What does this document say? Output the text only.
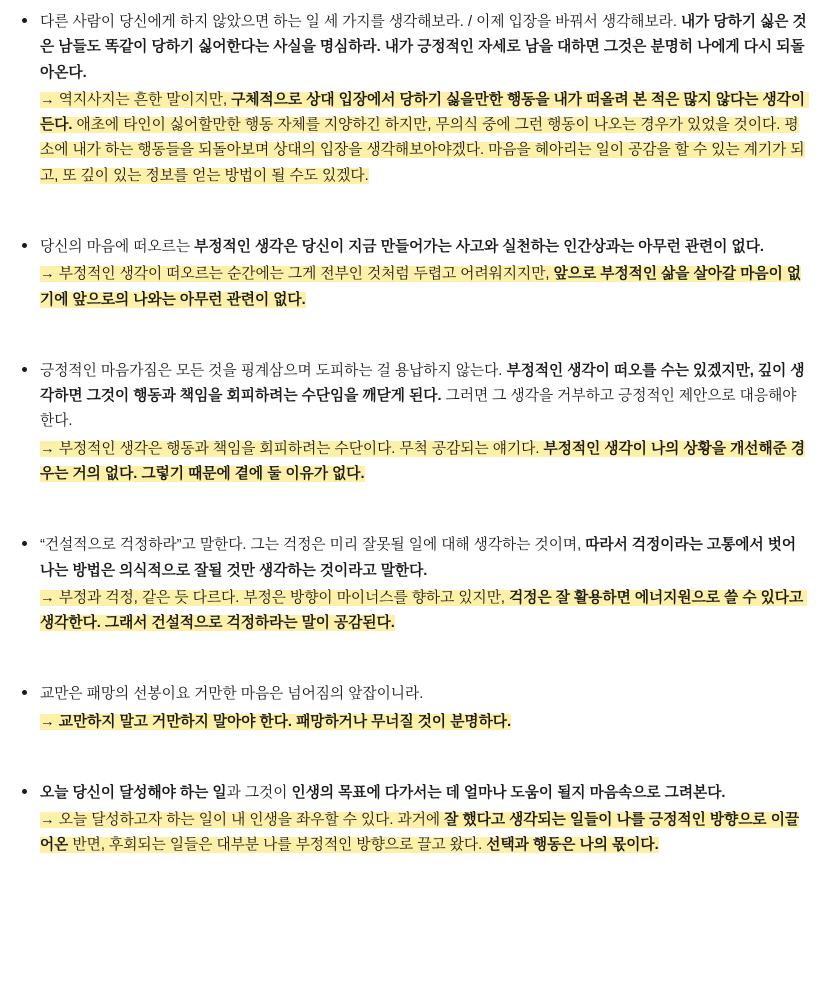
다른 사람이 당신에게 하지 않았으면 하는 일 세 가지를 생각해보라. / 이제 입장을 바꿔서 생각해보라. 내가 당하기 싫은 것은 남들도 똑같이 당하기 싫어한다는 사실을 명심하라. 내가 긍정적인 자세로 남을 대하면 그것은 분명히 나에게 다시 되돌아온다.

→ 역지사지는 흔한 말이지만, 구체적으로 상대 입장에서 당하기 싫을만한 행동을 내가 떠올려 본 적은 많지 않다는 생각이 든다. 애초에 타인이 싫어할만한 행동 자체를 지양하긴 하지만, 무의식 중에 그런 행동이 나오는 경우가 있었을 것이다. 평소에 내가 하는 행동들을 되돌아보며 상대의 입장을 생각해보아야겠다. 마음을 헤아리는 일이 공감을 할 수 있는 계기가 되고, 또 깊이 있는 정보를 얻는 방법이 될 수도 있겠다.

당신의 마음에 떠오르는 부정적인 생각은 당신이 지금 만들어가는 사고와 실천하는 인간상과는 아무런 관련이 없다.

→ 부정적인 생각이 떠오르는 순간에는 그게 전부인 것처럼 두렵고 어려워지지만, 앞으로 부정적인 삶을 살아갈 마음이 없기에 앞으로의 나와는 아무런 관련이 없다.

긍정적인 마음가짐은 모든 것을 핑계삼으며 도피하는 걸 용납하지 않는다. 부정적인 생각이 떠오를 수는 있겠지만, 깊이 생각하면 그것이 행동과 책임을 회피하려는 수단임을 깨닫게 된다. 그러면 그 생각을 거부하고 긍정적인 제안으로 대응해야 한다.

→ 부정적인 생각은 행동과 책임을 회피하려는 수단이다. 무척 공감되는 얘기다. 부정적인 생각이 나의 상황을 개선해준 경우는 거의 없다. 그렇기 때문에 곁에 둘 이유가 없다.

“건설적으로 걱정하라”고 말한다. 그는 걱정은 미리 잘못될 일에 대해 생각하는 것이며, 따라서 걱정이라는 고통에서 벗어나는 방법은 의식적으로 잘될 것만 생각하는 것이라고 말한다.

→ 부정과 걱정, 같은 듯 다르다. 부정은 방향이 마이너스를 향하고 있지만, 걱정은 잘 활용하면 에너지원으로 쓸 수 있다고 생각한다. 그래서 건설적으로 걱정하라는 말이 공감된다.

교만은 패망의 선봉이요 거만한 마음은 넘어짐의 앞잡이니라.

→ 교만하지 말고 거만하지 말아야 한다. 패망하거나 무너질 것이 분명하다.

오늘 당신이 달성해야 하는 일과 그것이 인생의 목표에 다가서는 데 얼마나 도움이 될지 마음속으로 그려본다.

→ 오늘 달성하고자 하는 일이 내 인생을 좌우할 수 있다. 과거에 잘 했다고 생각되는 일들이 나를 긍정적인 방향으로 이끌어온 반면, 후회되는 일들은 대부분 나를 부정적인 방향으로 끌고 왔다. 선택과 행동은 나의 몫이다.
